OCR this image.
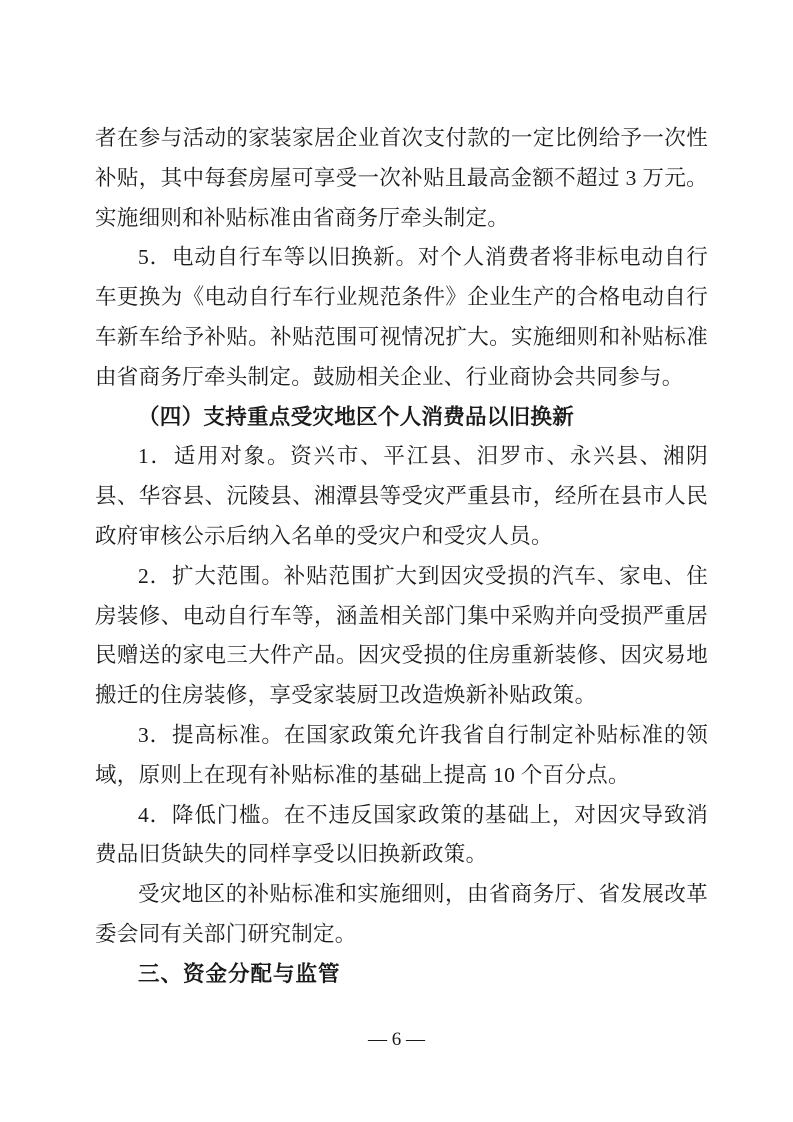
者在参与活动的家装家居企业首次支付款的一定比例给予一次性补贴，其中每套房屋可享受一次补贴且最高金额不超过 3 万元。实施细则和补贴标准由省商务厅牵头制定。

5．电动自行车等以旧换新。对个人消费者将非标电动自行车更换为《电动自行车行业规范条件》企业生产的合格电动自行车新车给予补贴。补贴范围可视情况扩大。实施细则和补贴标准由省商务厅牵头制定。鼓励相关企业、行业商协会共同参与。

（四）支持重点受灾地区个人消费品以旧换新

1．适用对象。资兴市、平江县、汨罗市、永兴县、湘阴县、华容县、沅陵县、湘潭县等受灾严重县市，经所在县市人民政府审核公示后纳入名单的受灾户和受灾人员。

2．扩大范围。补贴范围扩大到因灾受损的汽车、家电、住房装修、电动自行车等，涵盖相关部门集中采购并向受损严重居民赠送的家电三大件产品。因灾受损的住房重新装修、因灾易地搬迁的住房装修，享受家装厨卫改造焕新补贴政策。

3．提高标准。在国家政策允许我省自行制定补贴标准的领域，原则上在现有补贴标准的基础上提高 10 个百分点。

4．降低门槛。在不违反国家政策的基础上，对因灾导致消费品旧货缺失的同样享受以旧换新政策。

受灾地区的补贴标准和实施细则，由省商务厅、省发展改革委会同有关部门研究制定。

三、资金分配与监管

— 6 —
